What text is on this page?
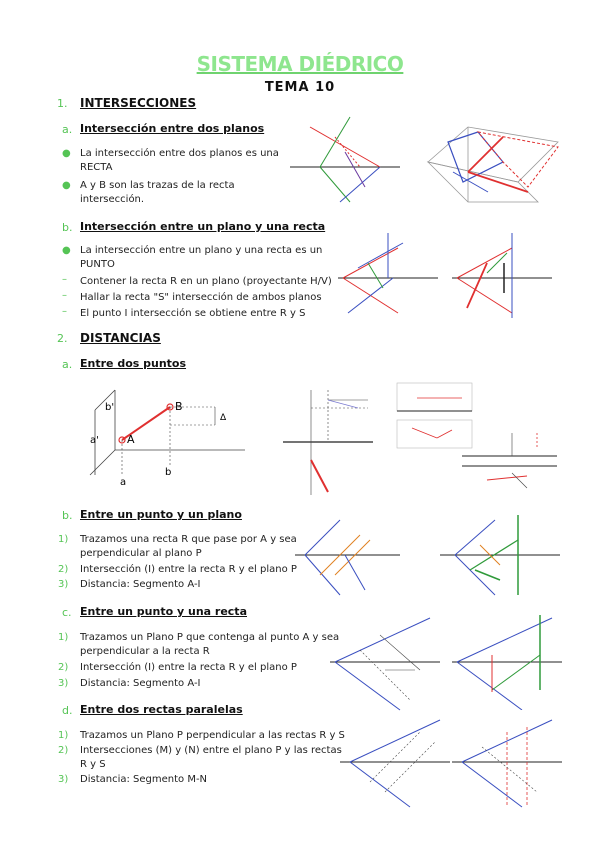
SISTEMA DIÉDRICO
TEMA 10
1. INTERSECCIONES
a. Intersección entre dos planos
● La intersección entre dos planos es una
RECTA
● A y B son las trazas de la recta
intersección.
b. Intersección entre un plano y una recta
● La intersección entre un plano y una recta es un
PUNTO
– Contener la recta R en un plano (proyectante H/V)
– Hallar la recta "S" intersección de ambos planos
– El punto I intersección se obtiene entre R y S
2. DISTANCIAS
a. Entre dos puntos
b. Entre un punto y un plano
1) Trazamos una recta R que pase por A y sea
perpendicular al plano P
2) Intersección (I) entre la recta R y el plano P
3) Distancia: Segmento A-I
c. Entre un punto y una recta
1) Trazamos un Plano P que contenga al punto A y sea
perpendicular a la recta R
2) Intersección (I) entre la recta R y el plano P
3) Distancia: Segmento A-I
d. Entre dos rectas paralelas
1) Trazamos un Plano P perpendicular a las rectas R y S
2) Intersecciones (M) y (N) entre el plano P y las rectas
R y S
3) Distancia: Segmento M-N
b'	B
a'	A
a
b
Δ
